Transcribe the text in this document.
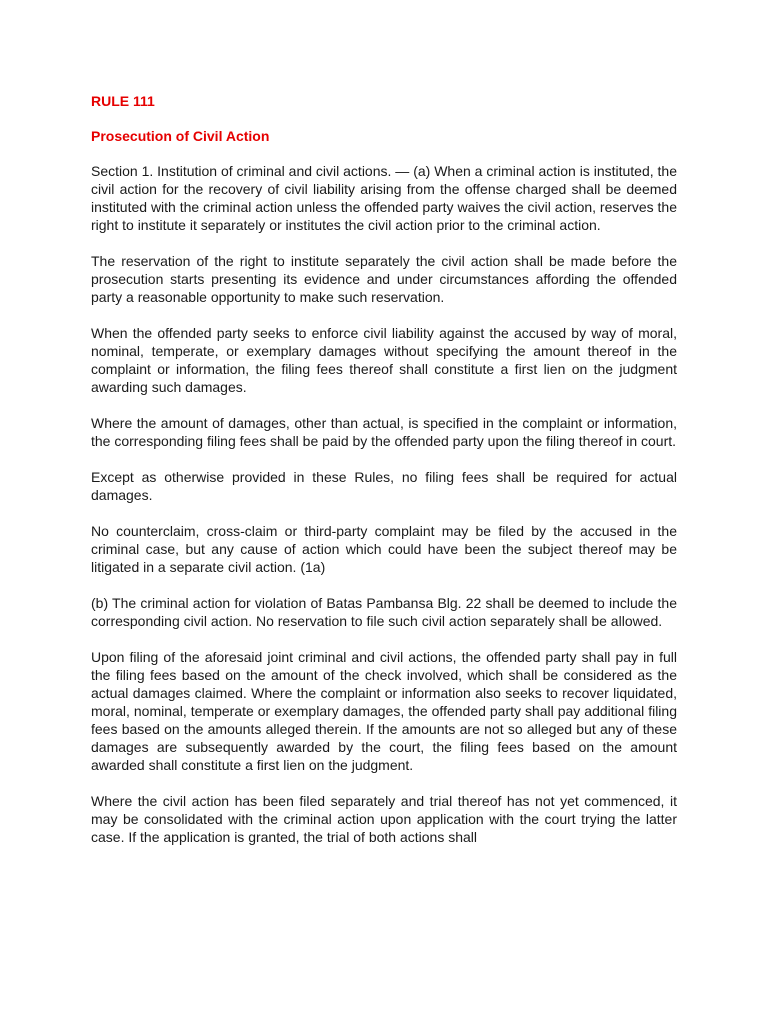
RULE 111
Prosecution of Civil Action

Section 1. Institution of criminal and civil actions. — (a) When a criminal action is instituted, the civil action for the recovery of civil liability arising from the offense charged shall be deemed instituted with the criminal action unless the offended party waives the civil action, reserves the right to institute it separately or institutes the civil action prior to the criminal action.

The reservation of the right to institute separately the civil action shall be made before the prosecution starts presenting its evidence and under circumstances affording the offended party a reasonable opportunity to make such reservation.

When the offended party seeks to enforce civil liability against the accused by way of moral, nominal, temperate, or exemplary damages without specifying the amount thereof in the complaint or information, the filing fees thereof shall constitute a first lien on the judgment awarding such damages.

Where the amount of damages, other than actual, is specified in the complaint or information, the corresponding filing fees shall be paid by the offended party upon the filing thereof in court.

Except as otherwise provided in these Rules, no filing fees shall be required for actual damages.

No counterclaim, cross-claim or third-party complaint may be filed by the accused in the criminal case, but any cause of action which could have been the subject thereof may be litigated in a separate civil action. (1a)

(b) The criminal action for violation of Batas Pambansa Blg. 22 shall be deemed to include the corresponding civil action. No reservation to file such civil action separately shall be allowed.

Upon filing of the aforesaid joint criminal and civil actions, the offended party shall pay in full the filing fees based on the amount of the check involved, which shall be considered as the actual damages claimed. Where the complaint or information also seeks to recover liquidated, moral, nominal, temperate or exemplary damages, the offended party shall pay additional filing fees based on the amounts alleged therein. If the amounts are not so alleged but any of these damages are subsequently awarded by the court, the filing fees based on the amount awarded shall constitute a first lien on the judgment.

Where the civil action has been filed separately and trial thereof has not yet commenced, it may be consolidated with the criminal action upon application with the court trying the latter case. If the application is granted, the trial of both actions shall
